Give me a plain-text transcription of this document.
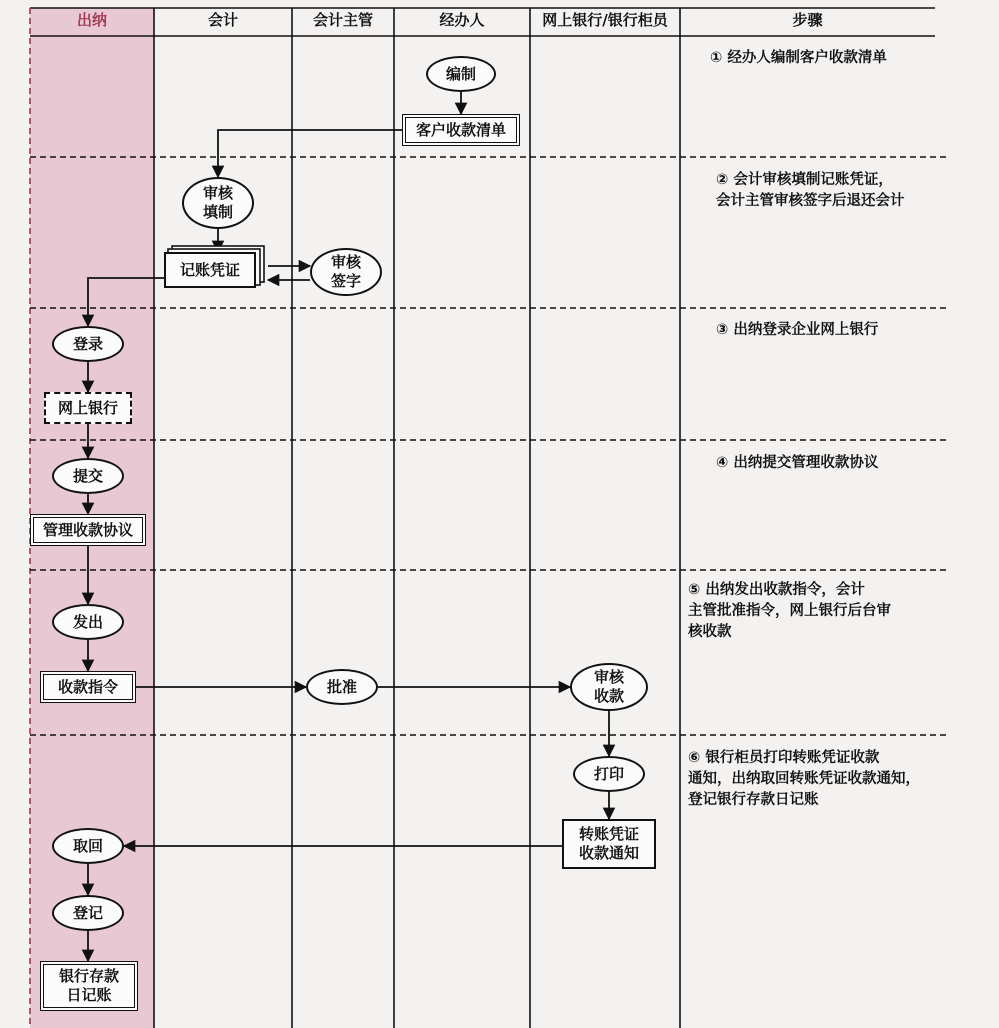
出纳	会计	会计主管	经办人	网上银行/银行柜员	步骤
编制
客户收款清单
审核
填制
记账凭证	审核
签字
登录
网上银行
提交
管理收款协议
发出
收款指令	批准
审核
收款
打印
转账凭证
收款通知
取回
登记
银行存款
日记账
① 经办人编制客户收款清单
② 会计审核填制记账凭证，
会计主管审核签字后退还会计
③ 出纳登录企业网上银行
④ 出纳提交管理收款协议
⑤ 出纳发出收款指令，会计
主管批准指令，网上银行后台审
核收款
⑥ 银行柜员打印转账凭证收款
通知，出纳取回转账凭证收款通知，
登记银行存款日记账
